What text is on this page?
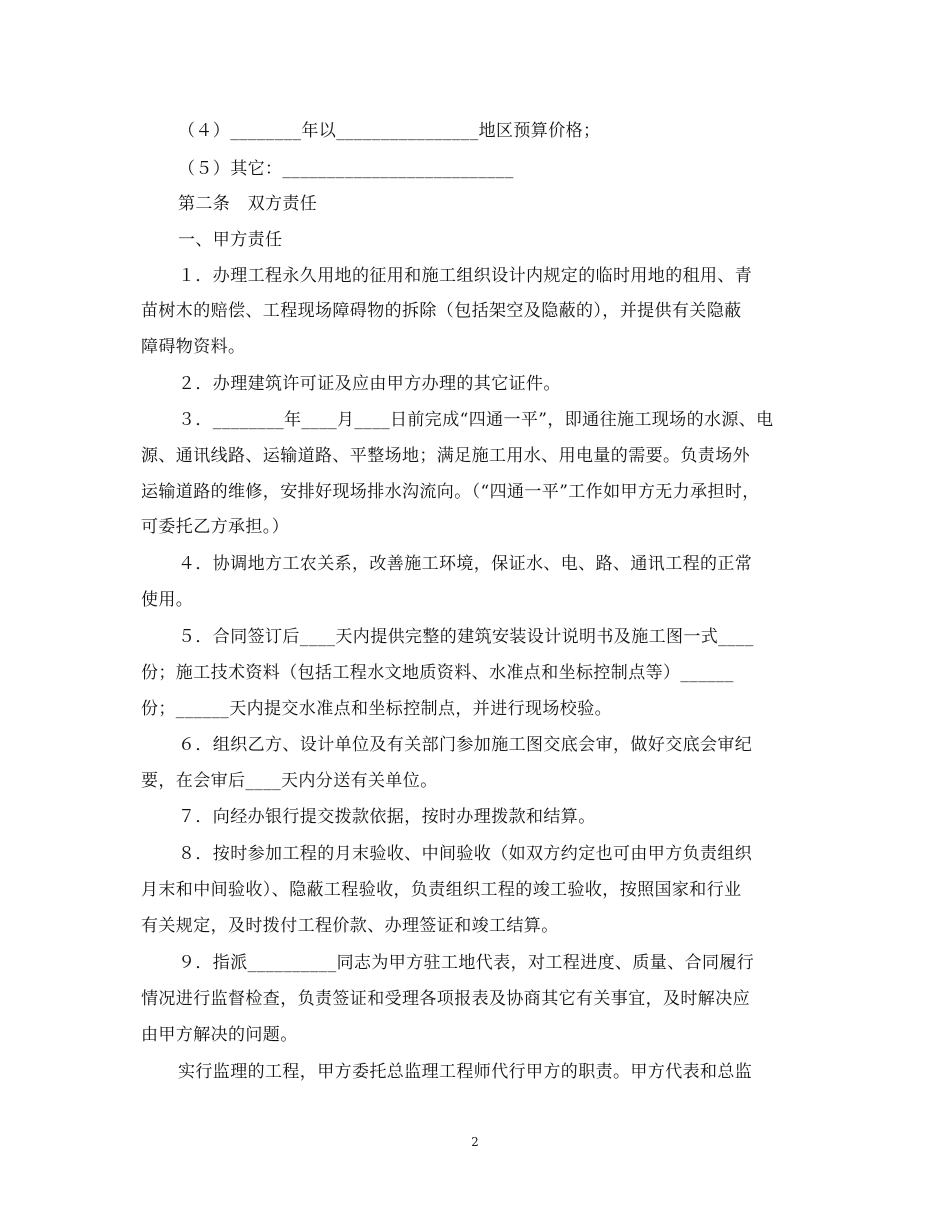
（４）________年以________________地区预算价格；
（５）其它：__________________________
第二条　双方责任
一、甲方责任
１．办理工程永久用地的征用和施工组织设计内规定的临时用地的租用、青
苗树木的赔偿、工程现场障碍物的拆除（包括架空及隐蔽的），并提供有关隐蔽
障碍物资料。
２．办理建筑许可证及应由甲方办理的其它证件。
３．________年____月____日前完成“四通一平”，即通往施工现场的水源、电
源、通讯线路、运输道路、平整场地；满足施工用水、用电量的需要。负责场外
运输道路的维修，安排好现场排水沟流向。（“四通一平”工作如甲方无力承担时，
可委托乙方承担。）
４．协调地方工农关系，改善施工环境，保证水、电、路、通讯工程的正常
使用。
５．合同签订后____天内提供完整的建筑安装设计说明书及施工图一式____
份；施工技术资料（包括工程水文地质资料、水准点和坐标控制点等）______
份；______天内提交水准点和坐标控制点，并进行现场校验。
６．组织乙方、设计单位及有关部门参加施工图交底会审，做好交底会审纪
要，在会审后____天内分送有关单位。
７．向经办银行提交拨款依据，按时办理拨款和结算。
８．按时参加工程的月末验收、中间验收（如双方约定也可由甲方负责组织
月末和中间验收）、隐蔽工程验收，负责组织工程的竣工验收，按照国家和行业
有关规定，及时拨付工程价款、办理签证和竣工结算。
９．指派__________同志为甲方驻工地代表，对工程进度、质量、合同履行
情况进行监督检查，负责签证和受理各项报表及协商其它有关事宜，及时解决应
由甲方解决的问题。
实行监理的工程，甲方委托总监理工程师代行甲方的职责。甲方代表和总监
2
